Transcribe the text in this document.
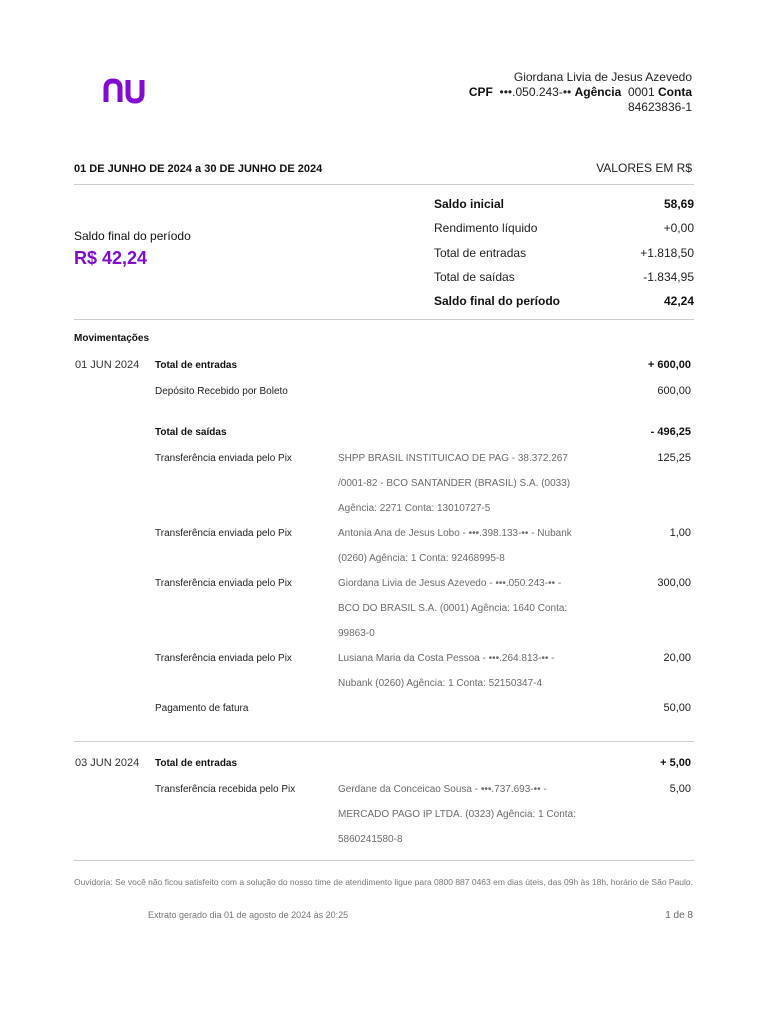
Giordana Livia de Jesus Azevedo
CPF •••.050.243-•• Agência 0001 Conta
84623836-1
01 DE JUNHO DE 2024 a 30 DE JUNHO DE 2024	VALORES EM R$
Saldo final do período
R$ 42,24
Saldo inicial	58,69
Rendimento líquido	+0,00
Total de entradas	+1.818,50
Total de saídas	-1.834,95
Saldo final do período	42,24
Movimentações
01 JUN 2024 Total de entradas	+ 600,00
Depósito Recebido por Boleto	600,00
Total de saídas	- 496,25
Transferência enviada pelo Pix	125,25
SHPP BRASIL INSTITUICAO DE PAG - 38.372.267
/0001-82 - BCO SANTANDER (BRASIL) S.A. (0033)
Agência: 2271 Conta: 13010727-5
Transferência enviada pelo Pix	1,00
Antonia Ana de Jesus Lobo - •••.398.133-•• - Nubank
(0260) Agência: 1 Conta: 92468995-8
Transferência enviada pelo Pix	300,00
Giordana Livia de Jesus Azevedo - •••.050.243-•• -
BCO DO BRASIL S.A. (0001) Agência: 1640 Conta:
99863-0
Transferência enviada pelo Pix	20,00
Lusiana Maria da Costa Pessoa - •••.264.813-•• -
Nubank (0260) Agência: 1 Conta: 52150347-4
Pagamento de fatura	50,00
03 JUN 2024 Total de entradas	+ 5,00
Transferência recebida pelo Pix	5,00
Gerdane da Conceicao Sousa - •••.737.693-•• -
MERCADO PAGO IP LTDA. (0323) Agência: 1 Conta:
5860241580-8
Ouvidoria: Se você não ficou satisfeito com a solução do nosso time de atendimento ligue para 0800 887 0463 em dias úteis, das 09h às 18h, horário de São Paulo.
Extrato gerado dia 01 de agosto de 2024 às 20:25	1 de 8
